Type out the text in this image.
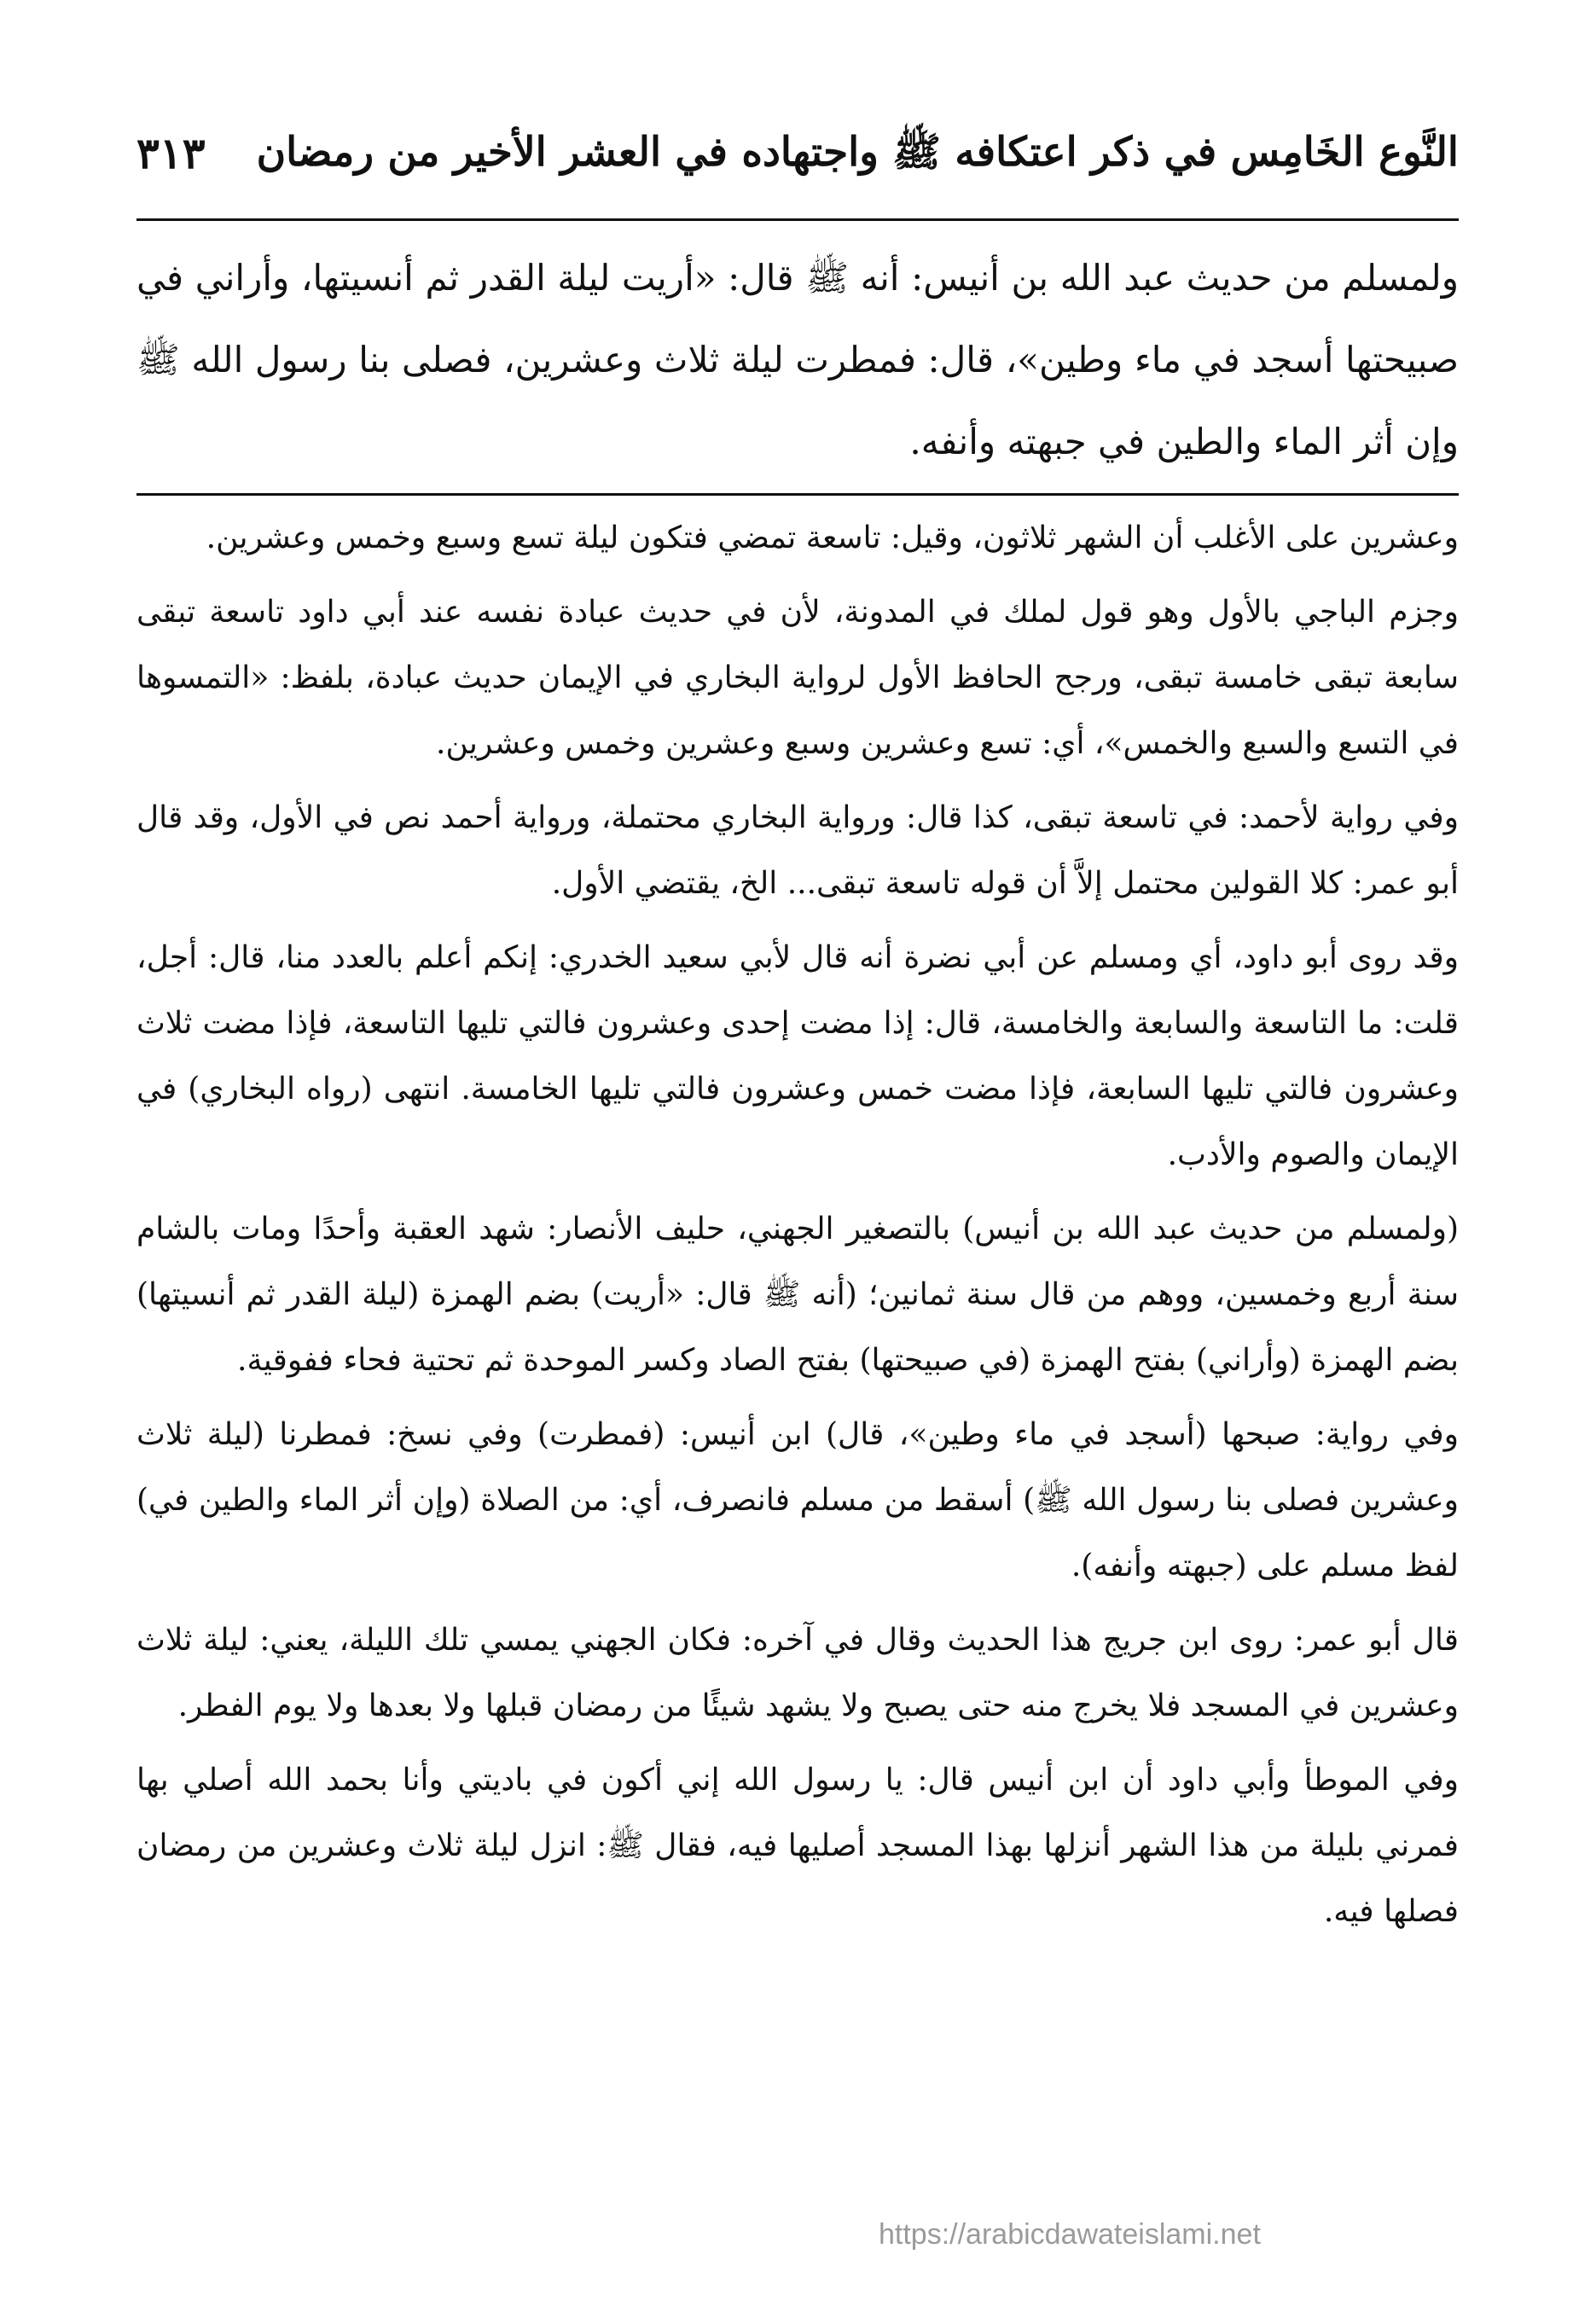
النَّوع الخَامِس في ذكر اعتكافه ﷺ واجتهاده في العشر الأخير من رمضان
٣١٣
ولمسلم من حديث عبد الله بن أنيس: أنه ﷺ قال: «أريت ليلة القدر ثم أنسيتها، وأراني في صبيحتها أسجد في ماء وطين»، قال: فمطرت ليلة ثلاث وعشرين، فصلى بنا رسول الله ﷺ وإن أثر الماء والطين في جبهته وأنفه.

وعشرين على الأغلب أن الشهر ثلاثون، وقيل: تاسعة تمضي فتكون ليلة تسع وسبع وخمس وعشرين.

وجزم الباجي بالأول وهو قول لملك في المدونة، لأن في حديث عبادة نفسه عند أبي داود تاسعة تبقى سابعة تبقى خامسة تبقى، ورجح الحافظ الأول لرواية البخاري في الإيمان حديث عبادة، بلفظ: «التمسوها في التسع والسبع والخمس»، أي: تسع وعشرين وسبع وعشرين وخمس وعشرين.

وفي رواية لأحمد: في تاسعة تبقى، كذا قال: ورواية البخاري محتملة، ورواية أحمد نص في الأول، وقد قال أبو عمر: كلا القولين محتمل إلاَّ أن قوله تاسعة تبقى... الخ، يقتضي الأول.

وقد روى أبو داود، أي ومسلم عن أبي نضرة أنه قال لأبي سعيد الخدري: إنكم أعلم بالعدد منا، قال: أجل، قلت: ما التاسعة والسابعة والخامسة، قال: إذا مضت إحدى وعشرون فالتي تليها التاسعة، فإذا مضت ثلاث وعشرون فالتي تليها السابعة، فإذا مضت خمس وعشرون فالتي تليها الخامسة. انتهى (رواه البخاري) في الإيمان والصوم والأدب.

(ولمسلم من حديث عبد الله بن أنيس) بالتصغير الجهني، حليف الأنصار: شهد العقبة وأحدًا ومات بالشام سنة أربع وخمسين، ووهم من قال سنة ثمانين؛ (أنه ﷺ قال: «أريت) بضم الهمزة (ليلة القدر ثم أنسيتها) بضم الهمزة (وأراني) بفتح الهمزة (في صبيحتها) بفتح الصاد وكسر الموحدة ثم تحتية فحاء ففوقية.

وفي رواية: صبحها (أسجد في ماء وطين»، قال) ابن أنيس: (فمطرت) وفي نسخ: فمطرنا (ليلة ثلاث وعشرين فصلى بنا رسول الله ﷺ) أسقط من مسلم فانصرف، أي: من الصلاة (وإن أثر الماء والطين في) لفظ مسلم على (جبهته وأنفه).

قال أبو عمر: روى ابن جريج هذا الحديث وقال في آخره: فكان الجهني يمسي تلك الليلة، يعني: ليلة ثلاث وعشرين في المسجد فلا يخرج منه حتى يصبح ولا يشهد شيئًا من رمضان قبلها ولا بعدها ولا يوم الفطر.

وفي الموطأ وأبي داود أن ابن أنيس قال: يا رسول الله إني أكون في باديتي وأنا بحمد الله أصلي بها فمرني بليلة من هذا الشهر أنزلها بهذا المسجد أصليها فيه، فقال ﷺ: انزل ليلة ثلاث وعشرين من رمضان فصلها فيه.

https://arabicdawateislami.net
